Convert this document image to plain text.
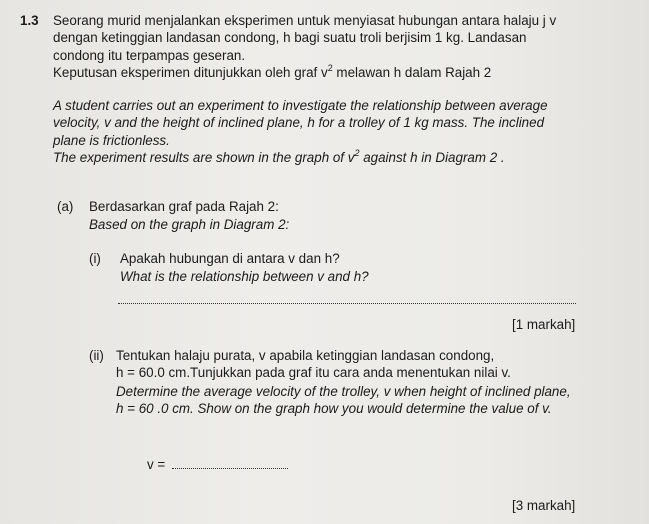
1.3 Seorang murid menjalankan eksperimen untuk menyiasat hubungan antara halaju j v
dengan ketinggian landasan condong, h bagi suatu troli berjisim 1 kg. Landasan
condong itu terpampas geseran.
Keputusan eksperimen ditunjukkan oleh graf $v^2$ melawan h dalam Rajah 2
A student carries out an experiment to investigate the relationship between average
velocity, v and the height of inclined plane, h for a trolley of 1 kg mass. The inclined
plane is frictionless.
The experiment results are shown in the graph of $v^2$ against h in Diagram 2 .
(a) Berdasarkan graf pada Rajah 2:
Based on the graph in Diagram 2:
(i) Apakah hubungan di antara v dan h?
What is the relationship between v and h?
[1 markah]
(ii) Tentukan halaju purata, v apabila ketinggian landasan condong,
h = 60.0 cm.Tunjukkan pada graf itu cara anda menentukan nilai v.
Determine the average velocity of the trolley, v when height of inclined plane,
h = 60 .0 cm. Show on the graph how you would determine the value of v.
v =
[3 markah]
